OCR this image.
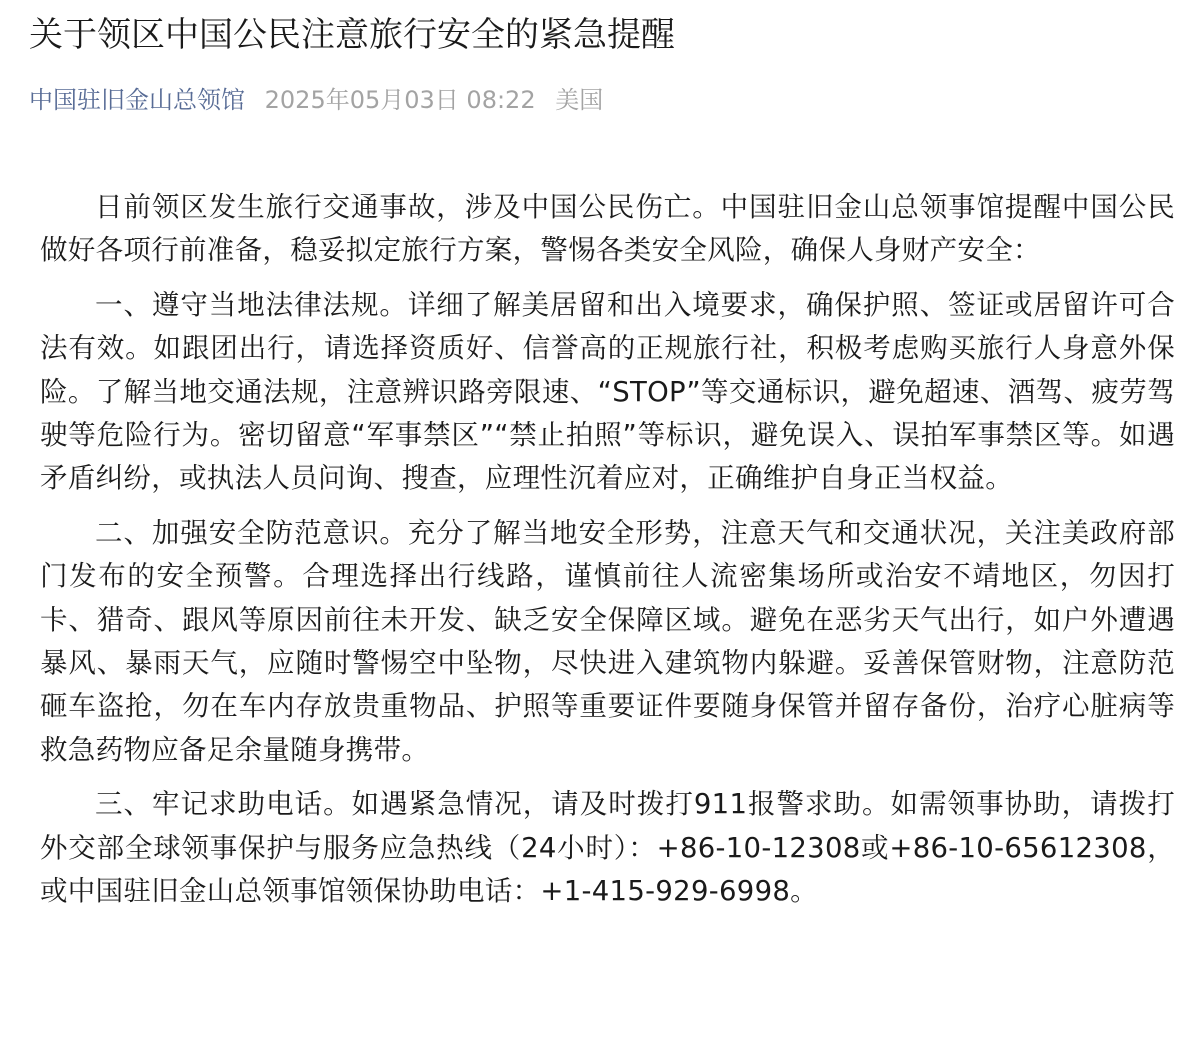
关于领区中国公民注意旅行安全的紧急提醒
中国驻旧金山总领馆 2025年05月03日 08:22 美国

日前领区发生旅行交通事故，涉及中国公民伤亡。中国驻旧金山总领事馆提醒中国公民做好各项行前准备，稳妥拟定旅行方案，警惕各类安全风险，确保人身财产安全：

一、遵守当地法律法规。详细了解美居留和出入境要求，确保护照、签证或居留许可合法有效。如跟团出行，请选择资质好、信誉高的正规旅行社，积极考虑购买旅行人身意外保险。了解当地交通法规，注意辨识路旁限速、“STOP”等交通标识，避免超速、酒驾、疲劳驾驶等危险行为。密切留意“军事禁区”“禁止拍照”等标识，避免误入、误拍军事禁区等。如遇矛盾纠纷，或执法人员问询、搜查，应理性沉着应对，正确维护自身正当权益。

二、加强安全防范意识。充分了解当地安全形势，注意天气和交通状况，关注美政府部门发布的安全预警。合理选择出行线路，谨慎前往人流密集场所或治安不靖地区，勿因打卡、猎奇、跟风等原因前往未开发、缺乏安全保障区域。避免在恶劣天气出行，如户外遭遇暴风、暴雨天气，应随时警惕空中坠物，尽快进入建筑物内躲避。妥善保管财物，注意防范砸车盗抢，勿在车内存放贵重物品、护照等重要证件要随身保管并留存备份，治疗心脏病等救急药物应备足余量随身携带。

三、牢记求助电话。如遇紧急情况，请及时拨打911报警求助。如需领事协助，请拨打外交部全球领事保护与服务应急热线（24小时）：+86-10-12308或+86-10-65612308，或中国驻旧金山总领事馆领保协助电话：+1-415-929-6998。
